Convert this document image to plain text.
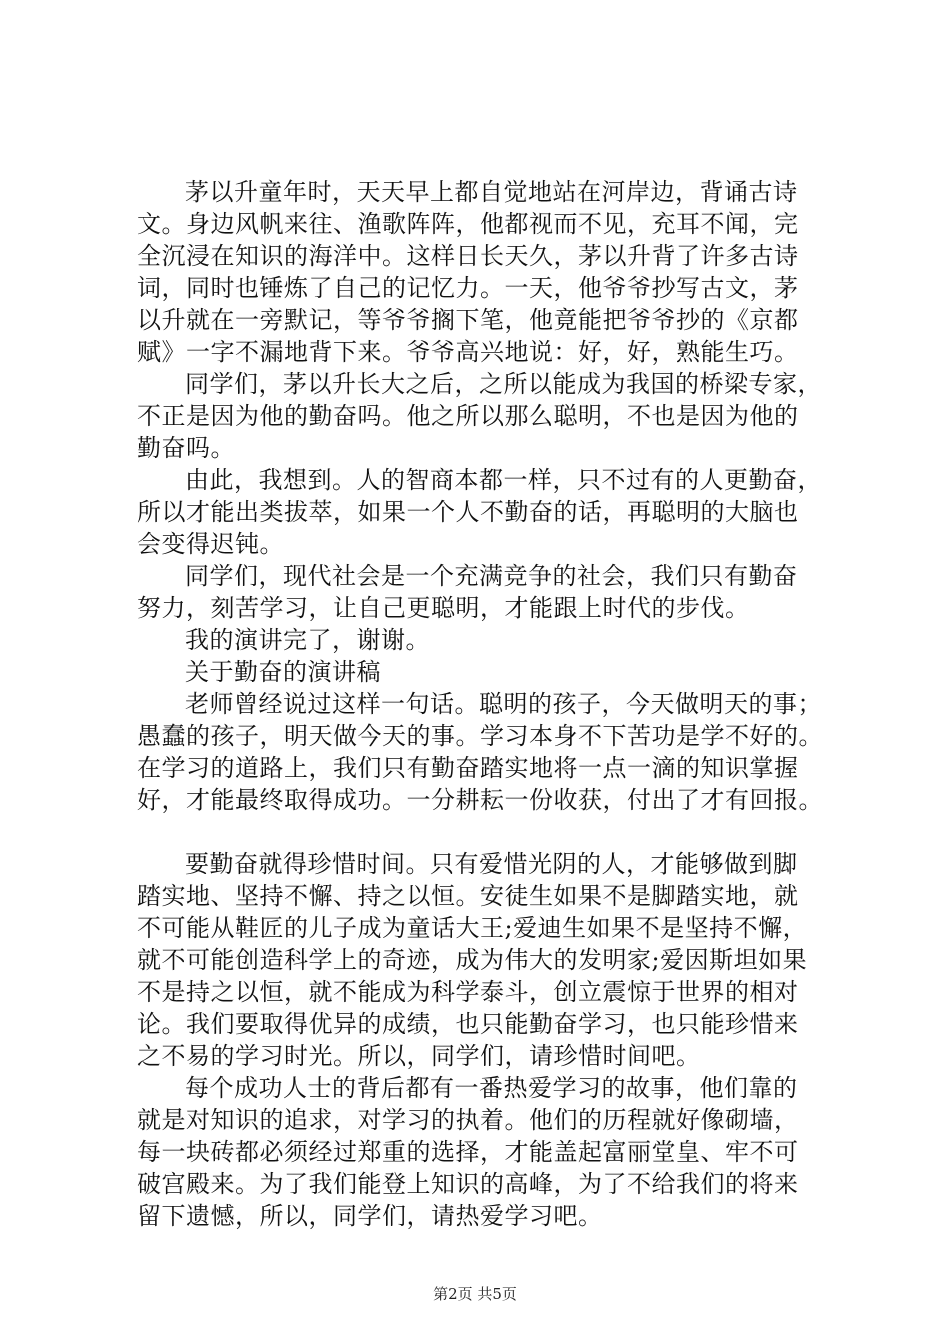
茅以升童年时，天天早上都自觉地站在河岸边，背诵古诗
文。身边风帆来往、渔歌阵阵，他都视而不见，充耳不闻，完
全沉浸在知识的海洋中。这样日长天久，茅以升背了许多古诗
词，同时也锤炼了自己的记忆力。一天，他爷爷抄写古文，茅
以升就在一旁默记，等爷爷搁下笔，他竟能把爷爷抄的《京都
赋》一字不漏地背下来。爷爷高兴地说：好，好，熟能生巧。
同学们，茅以升长大之后，之所以能成为我国的桥梁专家，
不正是因为他的勤奋吗。他之所以那么聪明，不也是因为他的
勤奋吗。
由此，我想到。人的智商本都一样，只不过有的人更勤奋，
所以才能出类拔萃，如果一个人不勤奋的话，再聪明的大脑也
会变得迟钝。
同学们，现代社会是一个充满竞争的社会，我们只有勤奋
努力，刻苦学习，让自己更聪明，才能跟上时代的步伐。
我的演讲完了，谢谢。
关于勤奋的演讲稿
老师曾经说过这样一句话。聪明的孩子，今天做明天的事；
愚蠢的孩子，明天做今天的事。学习本身不下苦功是学不好的。
在学习的道路上，我们只有勤奋踏实地将一点一滴的知识掌握
好，才能最终取得成功。一分耕耘一份收获，付出了才有回报。
要勤奋就得珍惜时间。只有爱惜光阴的人，才能够做到脚
踏实地、坚持不懈、持之以恒。安徒生如果不是脚踏实地，就
不可能从鞋匠的儿子成为童话大王;爱迪生如果不是坚持不懈，
就不可能创造科学上的奇迹，成为伟大的发明家;爱因斯坦如果
不是持之以恒，就不能成为科学泰斗，创立震惊于世界的相对
论。我们要取得优异的成绩，也只能勤奋学习，也只能珍惜来
之不易的学习时光。所以，同学们，请珍惜时间吧。
每个成功人士的背后都有一番热爱学习的故事，他们靠的
就是对知识的追求，对学习的执着。他们的历程就好像砌墙，
每一块砖都必须经过郑重的选择，才能盖起富丽堂皇、牢不可
破宫殿来。为了我们能登上知识的高峰，为了不给我们的将来
留下遗憾，所以，同学们，请热爱学习吧。
第2页 共5页
